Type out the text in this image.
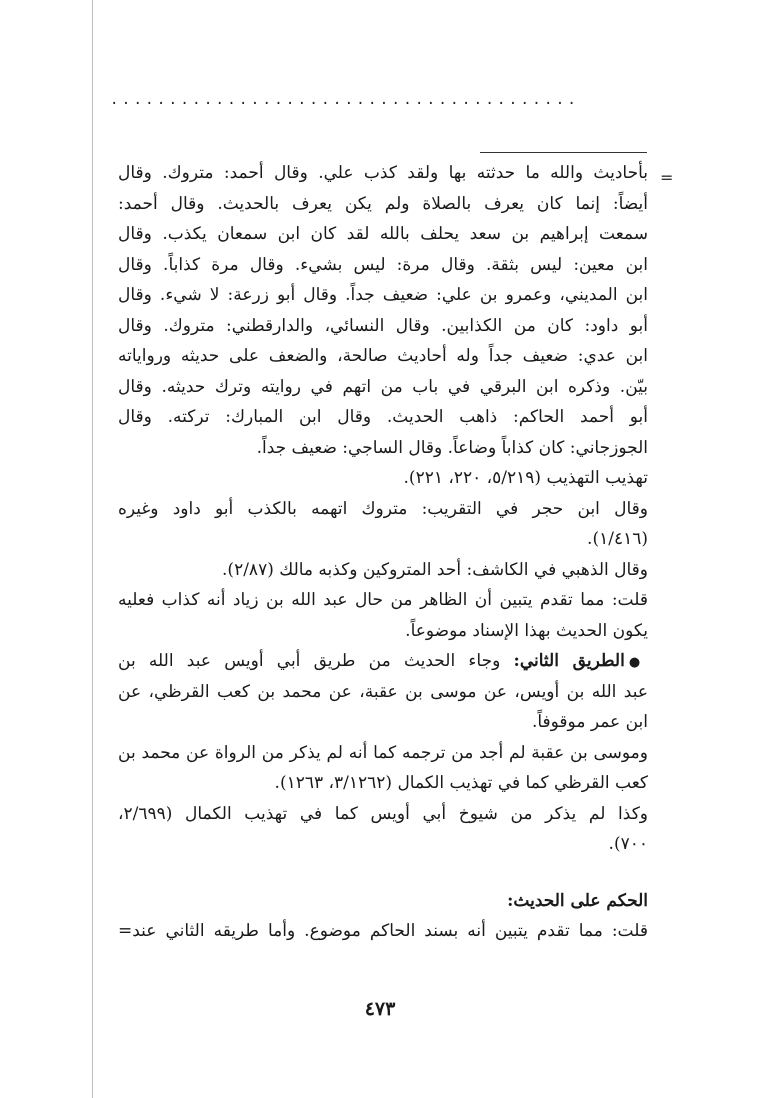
........................................
=
بأحاديث والله ما حدثته بها ولقد كذب علي. وقال أحمد: متروك. وقال
أيضاً: إنما كان يعرف بالصلاة ولم يكن يعرف بالحديث. وقال أحمد:
سمعت إبراهيم بن سعد يحلف بالله لقد كان ابن سمعان يكذب. وقال
ابن معين: ليس بثقة. وقال مرة: ليس بشيء. وقال مرة كذاباً. وقال
ابن المديني، وعمرو بن علي: ضعيف جداً. وقال أبو زرعة: لا شيء. وقال
أبو داود: كان من الكذابين. وقال النسائي، والدارقطني: متروك. وقال
ابن عدي: ضعيف جداً وله أحاديث صالحة، والضعف على حديثه ورواياته
بيّن. وذكره ابن البرقي في باب من اتهم في روايته وترك حديثه. وقال
أبو أحمد الحاكم: ذاهب الحديث. وقال ابن المبارك: تركته. وقال
الجوزجاني: كان كذاباً وضاعاً. وقال الساجي: ضعيف جداً.
تهذيب التهذيب (٥/٢١٩، ٢٢٠، ٢٢١).
وقال ابن حجر في التقريب: متروك اتهمه بالكذب أبو داود وغيره
(١/٤١٦).
وقال الذهبي في الكاشف: أحد المتروكين وكذبه مالك (٢/٨٧).
قلت: مما تقدم يتبين أن الظاهر من حال عبد الله بن زياد أنه كذاب فعليه
يكون الحديث بهذا الإسناد موضوعاً.
●الطريق الثاني: وجاء الحديث من طريق أبي أويس عبد الله بن
عبد الله بن أويس، عن موسى بن عقبة، عن محمد بن كعب القرظي، عن
ابن عمر موقوفاً.
وموسى بن عقبة لم أجد من ترجمه كما أنه لم يذكر من الرواة عن محمد بن
كعب القرظي كما في تهذيب الكمال (٣/١٢٦٢، ١٢٦٣).
وكذا لم يذكر من شيوخ أبي أويس كما في تهذيب الكمال (٢/٦٩٩،
٧٠٠).
الحكم على الحديث:
قلت: مما تقدم يتبين أنه بسند الحاكم موضوع. وأما طريقه الثاني عند=
٤٧٣
